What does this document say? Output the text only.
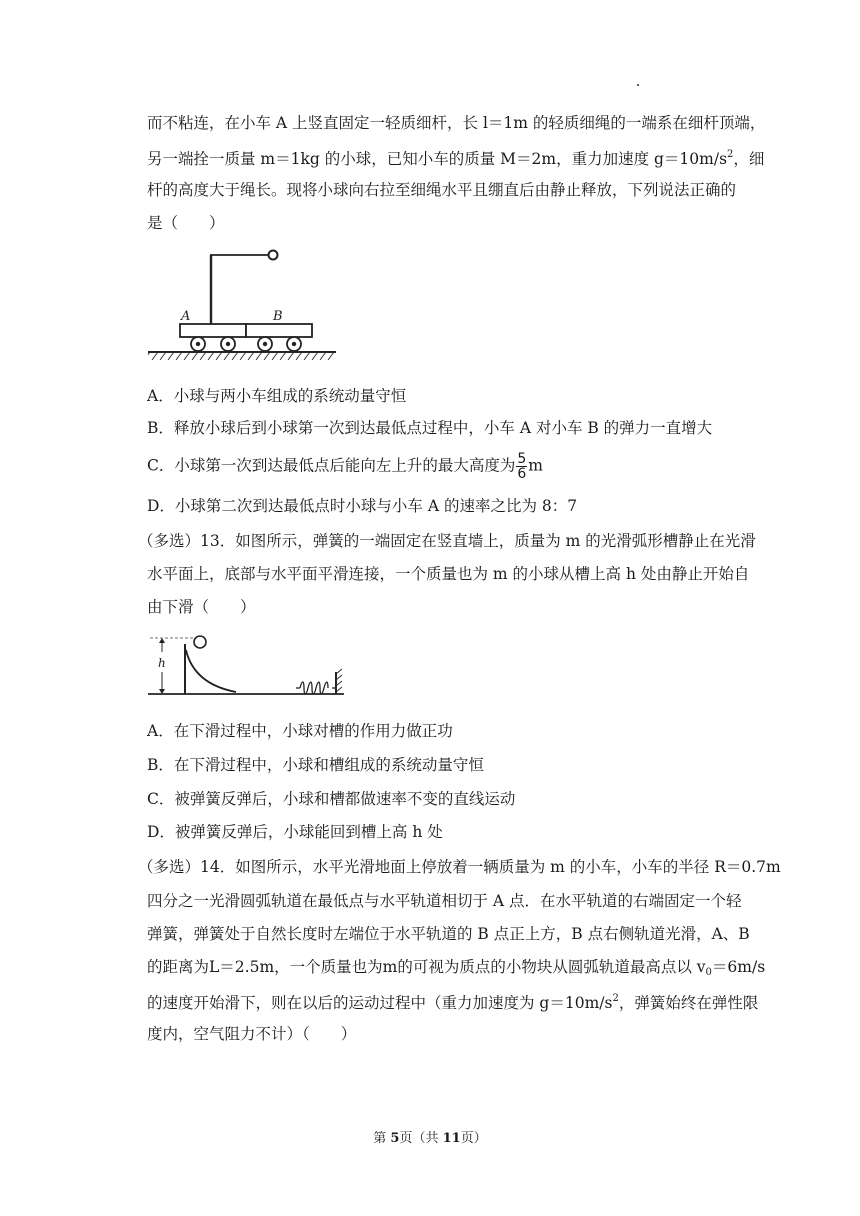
而不粘连，在小车 A 上竖直固定一轻质细杆，长 l＝1m 的轻质细绳的一端系在细杆顶端，
另一端拴一质量 m＝1kg 的小球，已知小车的质量 M＝2m，重力加速度 $g=10m/s^2$，细
杆的高度大于绳长。现将小球向右拉至细绳水平且绷直后由静止释放，下列说法正确的
是（　　）
A	B
A．小球与两小车组成的系统动量守恒
B．释放小球后到小球第一次到达最低点过程中，小车 A 对小车 B 的弹力一直增大
C．小球第一次到达最低点后能向左上升的最大高度为 $\frac{5}{6}$ m
D．小球第二次到达最低点时小球与小车 A 的速率之比为 8：7
（多选）13．如图所示，弹簧的一端固定在竖直墙上，质量为 m 的光滑弧形槽静止在光滑
水平面上，底部与水平面平滑连接，一个质量也为 m 的小球从槽上高 h 处由静止开始自
由下滑（　　）
h
A．在下滑过程中，小球对槽的作用力做正功
B．在下滑过程中，小球和槽组成的系统动量守恒
C．被弹簧反弹后，小球和槽都做速率不变的直线运动
D．被弹簧反弹后，小球能回到槽上高 h 处
（多选）14．如图所示，水平光滑地面上停放着一辆质量为 m 的小车，小车的半径 R＝0.7m
四分之一光滑圆弧轨道在最低点与水平轨道相切于 A 点．在水平轨道的右端固定一个轻
弹簧，弹簧处于自然长度时左端位于水平轨道的 B 点正上方，B 点右侧轨道光滑，A、B
的距离为L＝2.5m，一个质量也为m的可视为质点的小物块从圆弧轨道最高点以 $v_0=6m/s$
的速度开始滑下，则在以后的运动过程中（重力加速度为 $g=10m/s^2$，弹簧始终在弹性限
度内，空气阻力不计）（　　）
第 5页（共 11页）
